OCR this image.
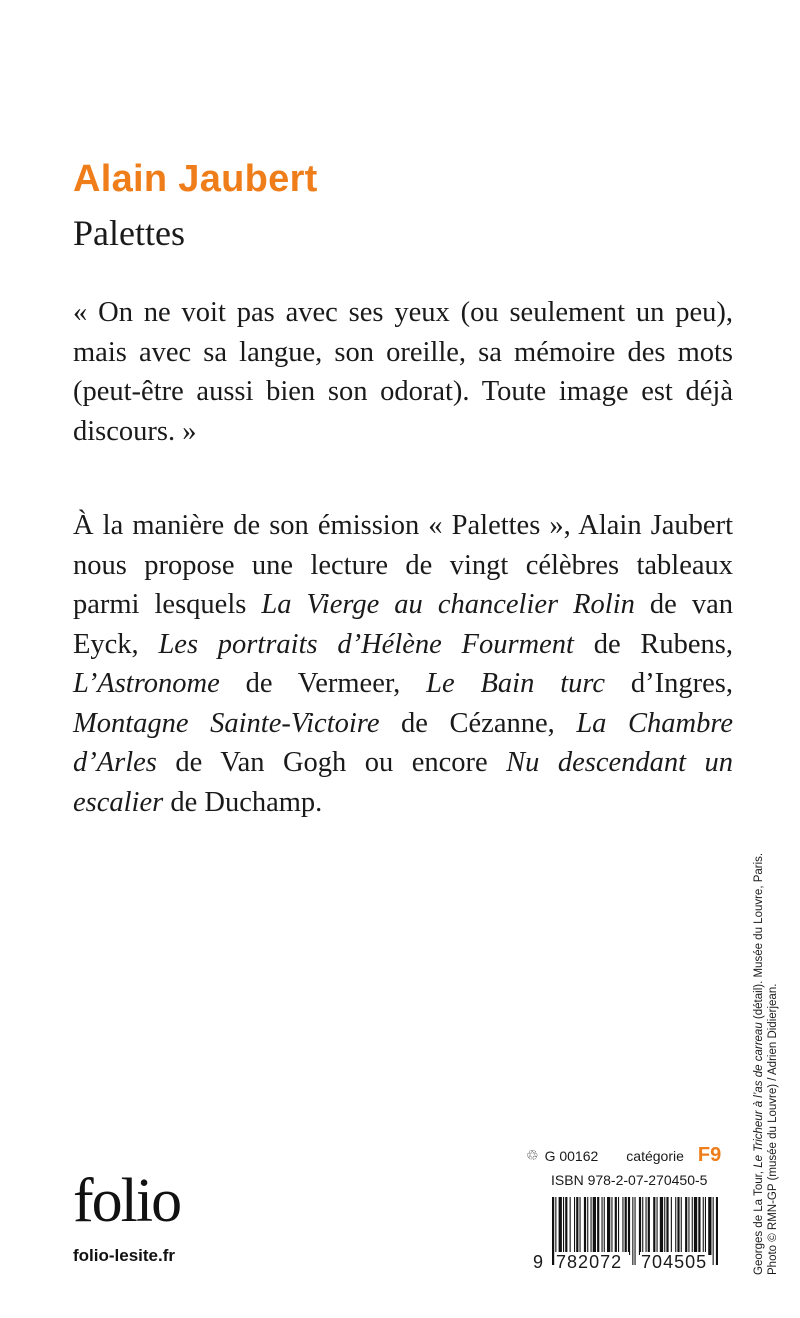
Alain Jaubert
Palettes

« On ne voit pas avec ses yeux (ou seulement un peu), mais avec sa langue, son oreille, sa mémoire des mots (peut-être aussi bien son odorat). Toute image est déjà discours. »

À la manière de son émission « Palettes », Alain Jaubert nous propose une lecture de vingt célèbres tableaux parmi lesquels La Vierge au chancelier Rolin de van Eyck, Les portraits d’Hélène Fourment de Rubens, L’Astronome de Vermeer, Le Bain turc d’Ingres, Montagne Sainte-Victoire de Cézanne, La Chambre d’Arles de Van Gogh ou encore Nu descendant un escalier de Duchamp.

Georges de La Tour, Le Tricheur à l’as de carreau (détail). Musée du Louvre, Paris.
Photo © RMN-GP (musée du Louvre) / Adrien Didierjean.
♲ G 00162 catégorie F9
ISBN 978-2-07-270450-5
9 782072 704505
folio
folio-lesite.fr
